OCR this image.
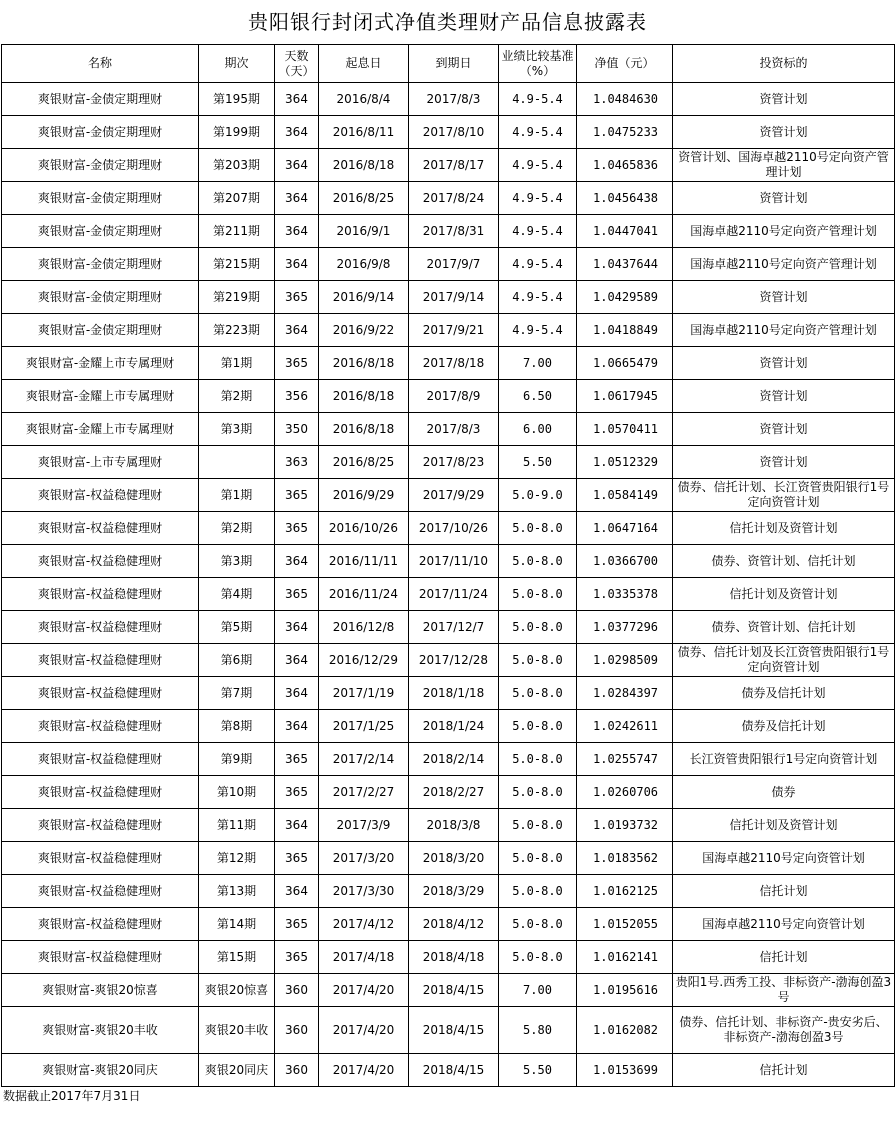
贵阳银行封闭式净值类理财产品信息披露表
名称	期次	天数（天）	起息日	到期日	业绩比较基准（%）	净值（元）	投资标的
爽银财富-金债定期理财	第195期	364	2016/8/4	2017/8/3	4.9-5.4	1.0484630	资管计划
爽银财富-金债定期理财	第199期	364	2016/8/11	2017/8/10	4.9-5.4	1.0475233	资管计划
爽银财富-金债定期理财	第203期	364	2016/8/18	2017/8/17	4.9-5.4	1.0465836	资管计划、国海卓越2110号定向资产管理计划
爽银财富-金债定期理财	第207期	364	2016/8/25	2017/8/24	4.9-5.4	1.0456438	资管计划
爽银财富-金债定期理财	第211期	364	2016/9/1	2017/8/31	4.9-5.4	1.0447041	国海卓越2110号定向资产管理计划
爽银财富-金债定期理财	第215期	364	2016/9/8	2017/9/7	4.9-5.4	1.0437644	国海卓越2110号定向资产管理计划
爽银财富-金债定期理财	第219期	365	2016/9/14	2017/9/14	4.9-5.4	1.0429589	资管计划
爽银财富-金债定期理财	第223期	364	2016/9/22	2017/9/21	4.9-5.4	1.0418849	国海卓越2110号定向资产管理计划
爽银财富-金耀上市专属理财	第1期	365	2016/8/18	2017/8/18	7.00	1.0665479	资管计划
爽银财富-金耀上市专属理财	第2期	356	2016/8/18	2017/8/9	6.50	1.0617945	资管计划
爽银财富-金耀上市专属理财	第3期	350	2016/8/18	2017/8/3	6.00	1.0570411	资管计划
爽银财富-上市专属理财		363	2016/8/25	2017/8/23	5.50	1.0512329	资管计划
爽银财富-权益稳健理财	第1期	365	2016/9/29	2017/9/29	5.0-9.0	1.0584149	债券、信托计划、长江资管贵阳银行1号定向资管计划
爽银财富-权益稳健理财	第2期	365	2016/10/26	2017/10/26	5.0-8.0	1.0647164	信托计划及资管计划
爽银财富-权益稳健理财	第3期	364	2016/11/11	2017/11/10	5.0-8.0	1.0366700	债券、资管计划、信托计划
爽银财富-权益稳健理财	第4期	365	2016/11/24	2017/11/24	5.0-8.0	1.0335378	信托计划及资管计划
爽银财富-权益稳健理财	第5期	364	2016/12/8	2017/12/7	5.0-8.0	1.0377296	债券、资管计划、信托计划
爽银财富-权益稳健理财	第6期	364	2016/12/29	2017/12/28	5.0-8.0	1.0298509	债券、信托计划及长江资管贵阳银行1号定向资管计划
爽银财富-权益稳健理财	第7期	364	2017/1/19	2018/1/18	5.0-8.0	1.0284397	债券及信托计划
爽银财富-权益稳健理财	第8期	364	2017/1/25	2018/1/24	5.0-8.0	1.0242611	债券及信托计划
爽银财富-权益稳健理财	第9期	365	2017/2/14	2018/2/14	5.0-8.0	1.0255747	长江资管贵阳银行1号定向资管计划
爽银财富-权益稳健理财	第10期	365	2017/2/27	2018/2/27	5.0-8.0	1.0260706	债券
爽银财富-权益稳健理财	第11期	364	2017/3/9	2018/3/8	5.0-8.0	1.0193732	信托计划及资管计划
爽银财富-权益稳健理财	第12期	365	2017/3/20	2018/3/20	5.0-8.0	1.0183562	国海卓越2110号定向资管计划
爽银财富-权益稳健理财	第13期	364	2017/3/30	2018/3/29	5.0-8.0	1.0162125	信托计划
爽银财富-权益稳健理财	第14期	365	2017/4/12	2018/4/12	5.0-8.0	1.0152055	国海卓越2110号定向资管计划
爽银财富-权益稳健理财	第15期	365	2017/4/18	2018/4/18	5.0-8.0	1.0162141	信托计划
爽银财富-爽银20惊喜	爽银20惊喜	360	2017/4/20	2018/4/15	7.00	1.0195616	贵阳1号.西秀工投、非标资产-渤海创盈3号
爽银财富-爽银20丰收	爽银20丰收	360	2017/4/20	2018/4/15	5.80	1.0162082	债券、信托计划、非标资产-贵安劣后、非标资产-渤海创盈3号
爽银财富-爽银20同庆	爽银20同庆	360	2017/4/20	2018/4/15	5.50	1.0153699	信托计划
数据截止2017年7月31日
